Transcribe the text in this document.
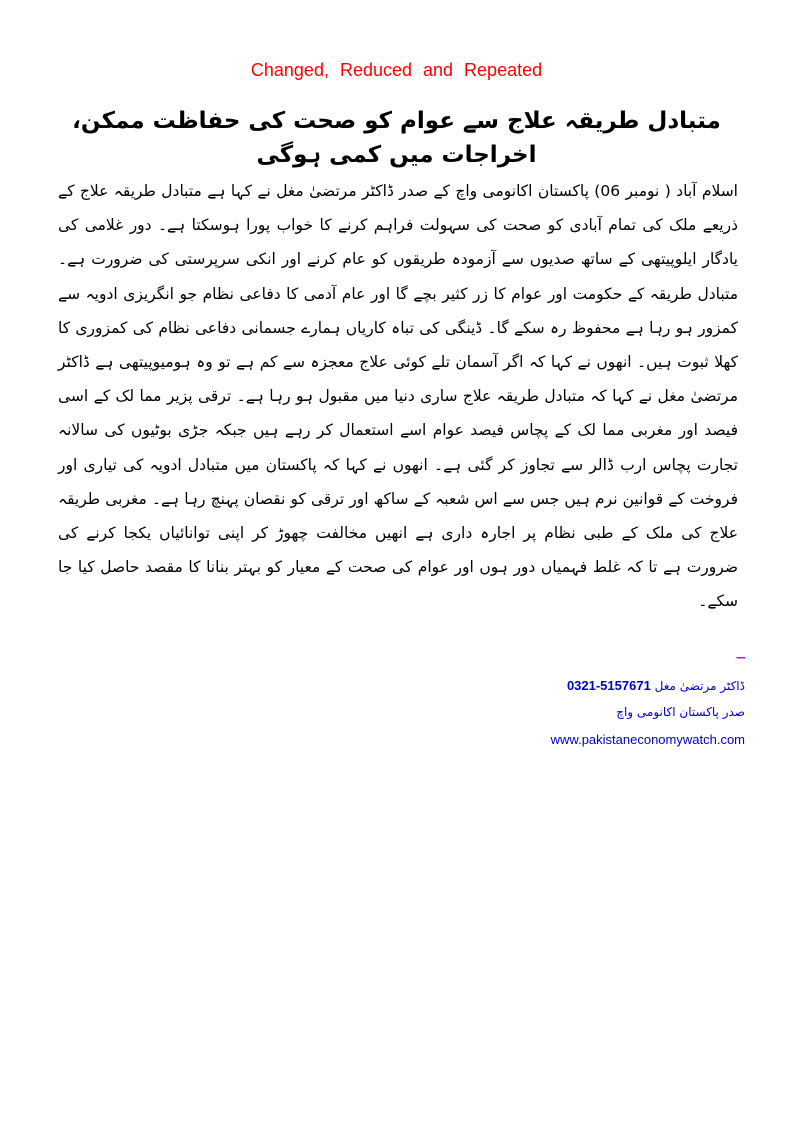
Changed, Reduced and Repeated
متبادل طریقہ علاج سے عوام کو صحت کی حفاظت ممکن، اخراجات میں کمی ہوگی
اسلام آباد ( نومبر 06) پاکستان اکانومی واچ کے صدر ڈاکٹر مرتضیٰ مغل نے کہا ہے متبادل طریقہ علاج کے ذریعے ملک کی تمام آبادی کو صحت کی سہولت فراہم کرنے کا خواب پورا ہوسکتا ہے۔ دور غلامی کی یادگار ایلوپیتھی کے ساتھ صدیوں سے آزمودہ طریقوں کو عام کرنے اور انکی سرپرستی کی ضرورت ہے۔ متبادل طریقہ کے حکومت اور عوام کا زر کثیر بچے گا اور عام آدمی کا دفاعی نظام جو انگریزی ادویہ سے کمزور ہو رہا ہے محفوظ رہ سکے گا۔ ڈینگی کی تباہ کاریاں ہمارے جسمانی دفاعی نظام کی کمزوری کا کھلا ثبوت ہیں۔ انھوں نے کہا کہ اگر آسمان تلے کوئی علاج معجزہ سے کم ہے تو وہ ہومیوپیتھی ہے ڈاکٹر مرتضیٰ مغل نے کہا کہ متبادل طریقہ علاج ساری دنیا میں مقبول ہو رہا ہے۔ ترقی پزیر مما لک کے اسی فیصد اور مغربی مما لک کے پچاس فیصد عوام اسے استعمال کر رہے ہیں جبکہ جڑی بوٹیوں کی سالانہ تجارت پچاس ارب ڈالر سے تجاوز کر گئی ہے۔ انھوں نے کہا کہ پاکستان میں متبادل ادویہ کی تیاری اور فروخت کے قوانین نرم ہیں جس سے اس شعبہ کے ساکھ اور ترقی کو نقصان پہنچ رہا ہے۔ مغربی طریقہ علاج کی ملک کے طبی نظام پر اجارہ داری ہے انھیں مخالفت چھوڑ کر اپنی توانائیاں یکجا کرنے کی ضرورت ہے تا کہ غلط فہمیاں دور ہوں اور عوام کی صحت کے معیار کو بہتر بنانا کا مقصد حاصل کیا جا سکے۔
---
ڈاکٹر مرتضیٰ مغل 0321-5157671
صدر پاکستان اکانومی واچ
www.pakistaneconomywatch.com
